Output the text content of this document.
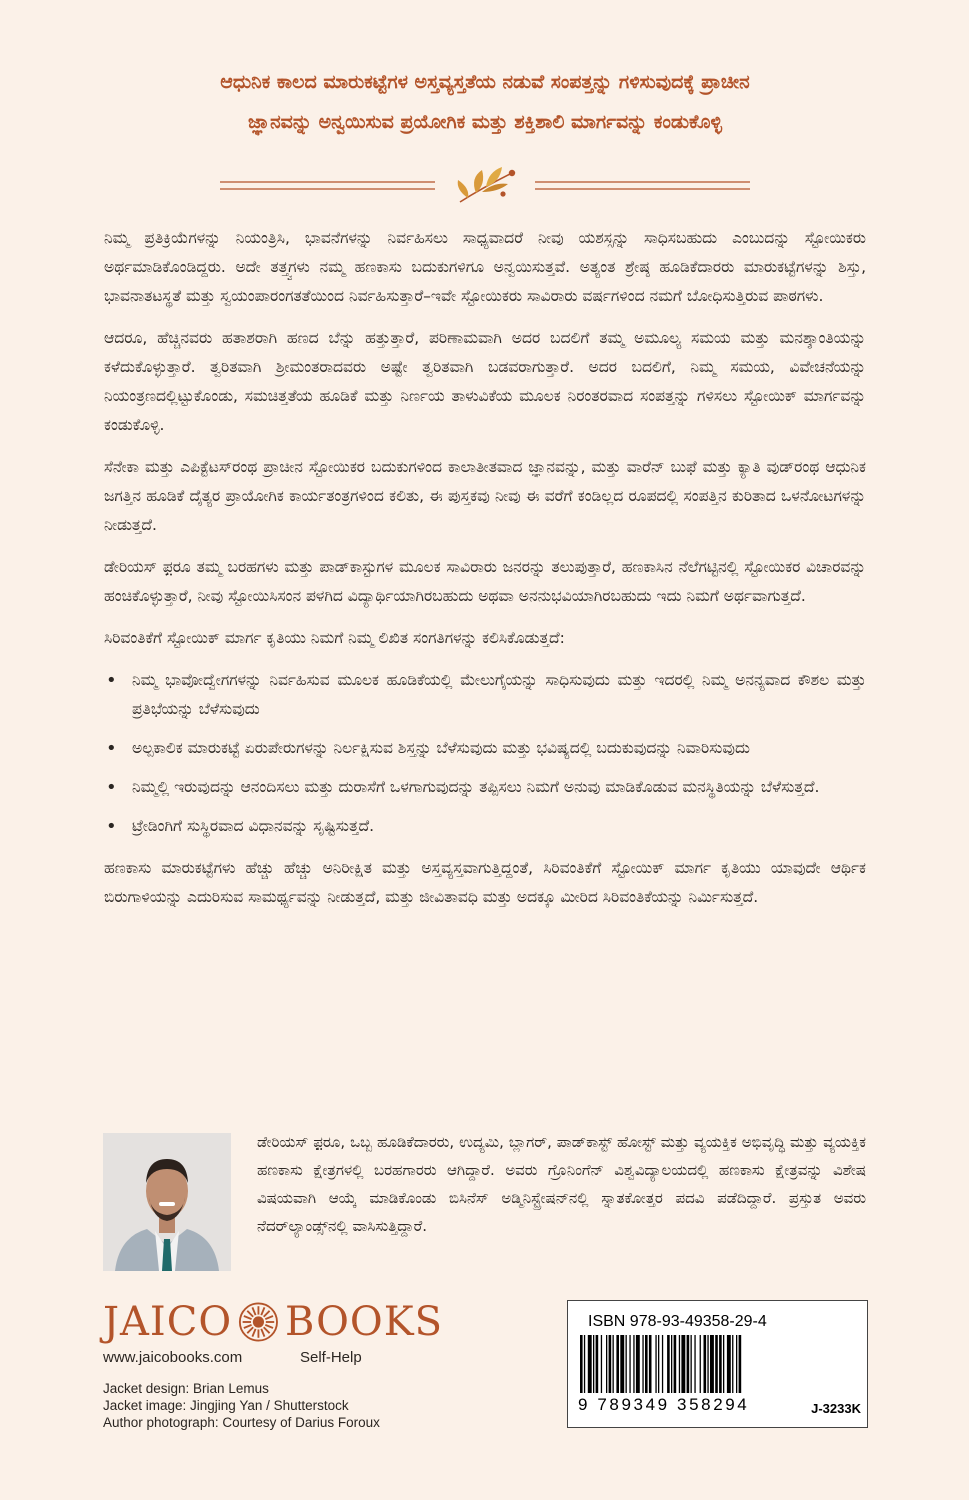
ಆಧುನಿಕ ಕಾಲದ ಮಾರುಕಟ್ಟೆಗಳ ಅಸ್ತವ್ಯಸ್ತತೆಯ ನಡುವೆ ಸಂಪತ್ತನ್ನು ಗಳಿಸುವುದಕ್ಕೆ ಪ್ರಾಚೀನ
ಜ್ಞಾನವನ್ನು ಅನ್ವಯಿಸುವ ಪ್ರಯೋಗಿಕ ಮತ್ತು ಶಕ್ತಿಶಾಲಿ ಮಾರ್ಗವನ್ನು ಕಂಡುಕೊಳ್ಳಿ

ನಿಮ್ಮ ಪ್ರತಿಕ್ರಿಯೆಗಳನ್ನು ನಿಯಂತ್ರಿಸಿ, ಭಾವನೆಗಳನ್ನು ನಿರ್ವಹಿಸಲು ಸಾಧ್ಯವಾದರೆ ನೀವು ಯಶಸ್ಸನ್ನು ಸಾಧಿಸಬಹುದು ಎಂಬುದನ್ನು ಸ್ಟೋಯಿಕರು ಅರ್ಥಮಾಡಿಕೊಂಡಿದ್ದರು. ಅದೇ ತತ್ತ್ವಗಳು ನಮ್ಮ ಹಣಕಾಸು ಬದುಕುಗಳಿಗೂ ಅನ್ವಯಿಸುತ್ತವೆ. ಅತ್ಯಂತ ಶ್ರೇಷ್ಠ ಹೂಡಿಕೆದಾರರು ಮಾರುಕಟ್ಟೆಗಳನ್ನು ಶಿಸ್ತು, ಭಾವನಾತಟಸ್ಥತೆ ಮತ್ತು ಸ್ವಯಂಪಾರಂಗತತೆಯಿಂದ ನಿರ್ವಹಿಸುತ್ತಾರೆ–ಇವೇ ಸ್ಟೋಯಿಕರು ಸಾವಿರಾರು ವರ್ಷಗಳಿಂದ ನಮಗೆ ಬೋಧಿಸುತ್ತಿರುವ ಪಾಠಗಳು.

ಆದರೂ, ಹೆಚ್ಚಿನವರು ಹತಾಶರಾಗಿ ಹಣದ ಬೆನ್ನು ಹತ್ತುತ್ತಾರೆ, ಪರಿಣಾಮವಾಗಿ ಅದರ ಬದಲಿಗೆ ತಮ್ಮ ಅಮೂಲ್ಯ ಸಮಯ ಮತ್ತು ಮನಶ್ಶಾಂತಿಯನ್ನು ಕಳೆದುಕೊಳ್ಳುತ್ತಾರೆ. ತ್ವರಿತವಾಗಿ ಶ್ರೀಮಂತರಾದವರು ಅಷ್ಟೇ ತ್ವರಿತವಾಗಿ ಬಡವರಾಗುತ್ತಾರೆ. ಅದರ ಬದಲಿಗೆ, ನಿಮ್ಮ ಸಮಯ, ವಿವೇಚನೆಯನ್ನು ನಿಯಂತ್ರಣದಲ್ಲಿಟ್ಟುಕೊಂಡು, ಸಮಚಿತ್ತತೆಯ ಹೂಡಿಕೆ ಮತ್ತು ನಿರ್ಣಯ ತಾಳುವಿಕೆಯ ಮೂಲಕ ನಿರಂತರವಾದ ಸಂಪತ್ತನ್ನು ಗಳಿಸಲು ಸ್ಟೋಯಿಕ್ ಮಾರ್ಗವನ್ನು ಕಂಡುಕೊಳ್ಳಿ.

ಸೆನೇಕಾ ಮತ್ತು ಎಪಿಕ್ಟೆಟಸ್‌ರಂಥ ಪ್ರಾಚೀನ ಸ್ಟೋಯಿಕರ ಬದುಕುಗಳಿಂದ ಕಾಲಾತೀತವಾದ ಜ್ಞಾನವನ್ನು, ಮತ್ತು ವಾರೆನ್ ಬುಫೆ ಮತ್ತು ಕ್ಯಾತಿ ವುಡ್‌ರಂಥ ಆಧುನಿಕ ಜಗತ್ತಿನ ಹೂಡಿಕೆ ದೈತ್ಯರ ಪ್ರಾಯೋಗಿಕ ಕಾರ್ಯತಂತ್ರಗಳಿಂದ ಕಲಿತು, ಈ ಪುಸ್ತಕವು ನೀವು ಈ ವರೆಗೆ ಕಂಡಿಲ್ಲದ ರೂಪದಲ್ಲಿ ಸಂಪತ್ತಿನ ಕುರಿತಾದ ಒಳನೋಟಗಳನ್ನು ನೀಡುತ್ತದೆ.

ಡೇರಿಯಸ್ ಫ಼ರೂ ತಮ್ಮ ಬರಹಗಳು ಮತ್ತು ಪಾಡ್‌ಕಾಸ್ಟುಗಳ ಮೂಲಕ ಸಾವಿರಾರು ಜನರನ್ನು ತಲುಪುತ್ತಾರೆ, ಹಣಕಾಸಿನ ನೆಲೆಗಟ್ಟಿನಲ್ಲಿ ಸ್ಟೋಯಿಕರ ವಿಚಾರವನ್ನು ಹಂಚಿಕೊಳ್ಳುತ್ತಾರೆ, ನೀವು ಸ್ಟೋಯಿಸಿಸಂನ ಪಳಗಿದ ವಿದ್ಯಾರ್ಥಿಯಾಗಿರಬಹುದು ಅಥವಾ ಅನನುಭವಿಯಾಗಿರಬಹುದು ಇದು ನಿಮಗೆ ಅರ್ಥವಾಗುತ್ತದೆ.

ಸಿರಿವಂತಿಕೆಗೆ ಸ್ಟೋಯಿಕ್ ಮಾರ್ಗ ಕೃತಿಯು ನಿಮಗೆ ನಿಮ್ಮ ಲಿಖಿತ ಸಂಗತಿಗಳನ್ನು ಕಲಿಸಿಕೊಡುತ್ತದೆ:

• ನಿಮ್ಮ ಭಾವೋದ್ವೇಗಗಳನ್ನು ನಿರ್ವಹಿಸುವ ಮೂಲಕ ಹೂಡಿಕೆಯಲ್ಲಿ ಮೇಲುಗೈಯನ್ನು ಸಾಧಿಸುವುದು ಮತ್ತು ಇದರಲ್ಲಿ ನಿಮ್ಮ ಅನನ್ಯವಾದ ಕೌಶಲ ಮತ್ತು ಪ್ರತಿಭೆಯನ್ನು ಬೆಳೆಸುವುದು
• ಅಲ್ಪಕಾಲಿಕ ಮಾರುಕಟ್ಟೆ ಏರುಪೇರುಗಳನ್ನು ನಿರ್ಲಕ್ಷಿಸುವ ಶಿಸ್ತನ್ನು ಬೆಳೆಸುವುದು ಮತ್ತು ಭವಿಷ್ಯದಲ್ಲಿ ಬದುಕುವುದನ್ನು ನಿವಾರಿಸುವುದು
• ನಿಮ್ಮಲ್ಲಿ ಇರುವುದನ್ನು ಆನಂದಿಸಲು ಮತ್ತು ದುರಾಸೆಗೆ ಒಳಗಾಗುವುದನ್ನು ತಪ್ಪಿಸಲು ನಿಮಗೆ ಅನುವು ಮಾಡಿಕೊಡುವ ಮನಸ್ಥಿತಿಯನ್ನು ಬೆಳೆಸುತ್ತದೆ.
• ಟ್ರೇಡಿಂಗಿಗೆ ಸುಸ್ಥಿರವಾದ ವಿಧಾನವನ್ನು ಸೃಷ್ಟಿಸುತ್ತದೆ.

ಹಣಕಾಸು ಮಾರುಕಟ್ಟೆಗಳು ಹೆಚ್ಚು ಹೆಚ್ಚು ಅನಿರೀಕ್ಷಿತ ಮತ್ತು ಅಸ್ತವ್ಯಸ್ತವಾಗುತ್ತಿದ್ದಂತೆ, ಸಿರಿವಂತಿಕೆಗೆ ಸ್ಟೋಯಿಕ್ ಮಾರ್ಗ ಕೃತಿಯು ಯಾವುದೇ ಆರ್ಥಿಕ ಬಿರುಗಾಳಿಯನ್ನು ಎದುರಿಸುವ ಸಾಮರ್ಥ್ಯವನ್ನು ನೀಡುತ್ತದೆ, ಮತ್ತು ಜೀವಿತಾವಧಿ ಮತ್ತು ಅದಕ್ಕೂ ಮೀರಿದ ಸಿರಿವಂತಿಕೆಯನ್ನು ನಿರ್ಮಿಸುತ್ತದೆ.

ಡೇರಿಯಸ್ ಫ಼ರೂ, ಒಬ್ಬ ಹೂಡಿಕೆದಾರರು, ಉದ್ಯಮಿ, ಬ್ಲಾಗರ್, ಪಾಡ್‌ಕಾಸ್ಟ್ ಹೋಸ್ಟ್ ಮತ್ತು ವ್ಯಯಕ್ತಿಕ ಅಭಿವೃದ್ಧಿ ಮತ್ತು ವ್ಯಯಕ್ತಿಕ ಹಣಕಾಸು ಕ್ಷೇತ್ರಗಳಲ್ಲಿ ಬರಹಗಾರರು ಆಗಿದ್ದಾರೆ. ಅವರು ಗ್ರೊನಿಂಗೆನ್ ವಿಶ್ವವಿದ್ಯಾಲಯದಲ್ಲಿ ಹಣಕಾಸು ಕ್ಷೇತ್ರವನ್ನು ವಿಶೇಷ ವಿಷಯವಾಗಿ ಆಯ್ಕೆ ಮಾಡಿಕೊಂಡು ಬಿಸಿನೆಸ್ ಅಡ್ಮಿನಿಸ್ಟ್ರೇಷನ್‌ನಲ್ಲಿ ಸ್ನಾತಕೋತ್ತರ ಪದವಿ ಪಡೆದಿದ್ದಾರೆ. ಪ್ರಸ್ತುತ ಅವರು ನೆದರ್‌ಲ್ಯಾಂಡ್ಸ್‌ನಲ್ಲಿ ವಾಸಿಸುತ್ತಿದ್ದಾರೆ.
JAICO BOOKS
www.jaicobooks.com	Self-Help
Jacket design: Brian Lemus
Jacket image: Jingjing Yan / Shutterstock
Author photograph: Courtesy of Darius Foroux
ISBN 978-93-49358-29-4
9 789349 358294	J-3233K
